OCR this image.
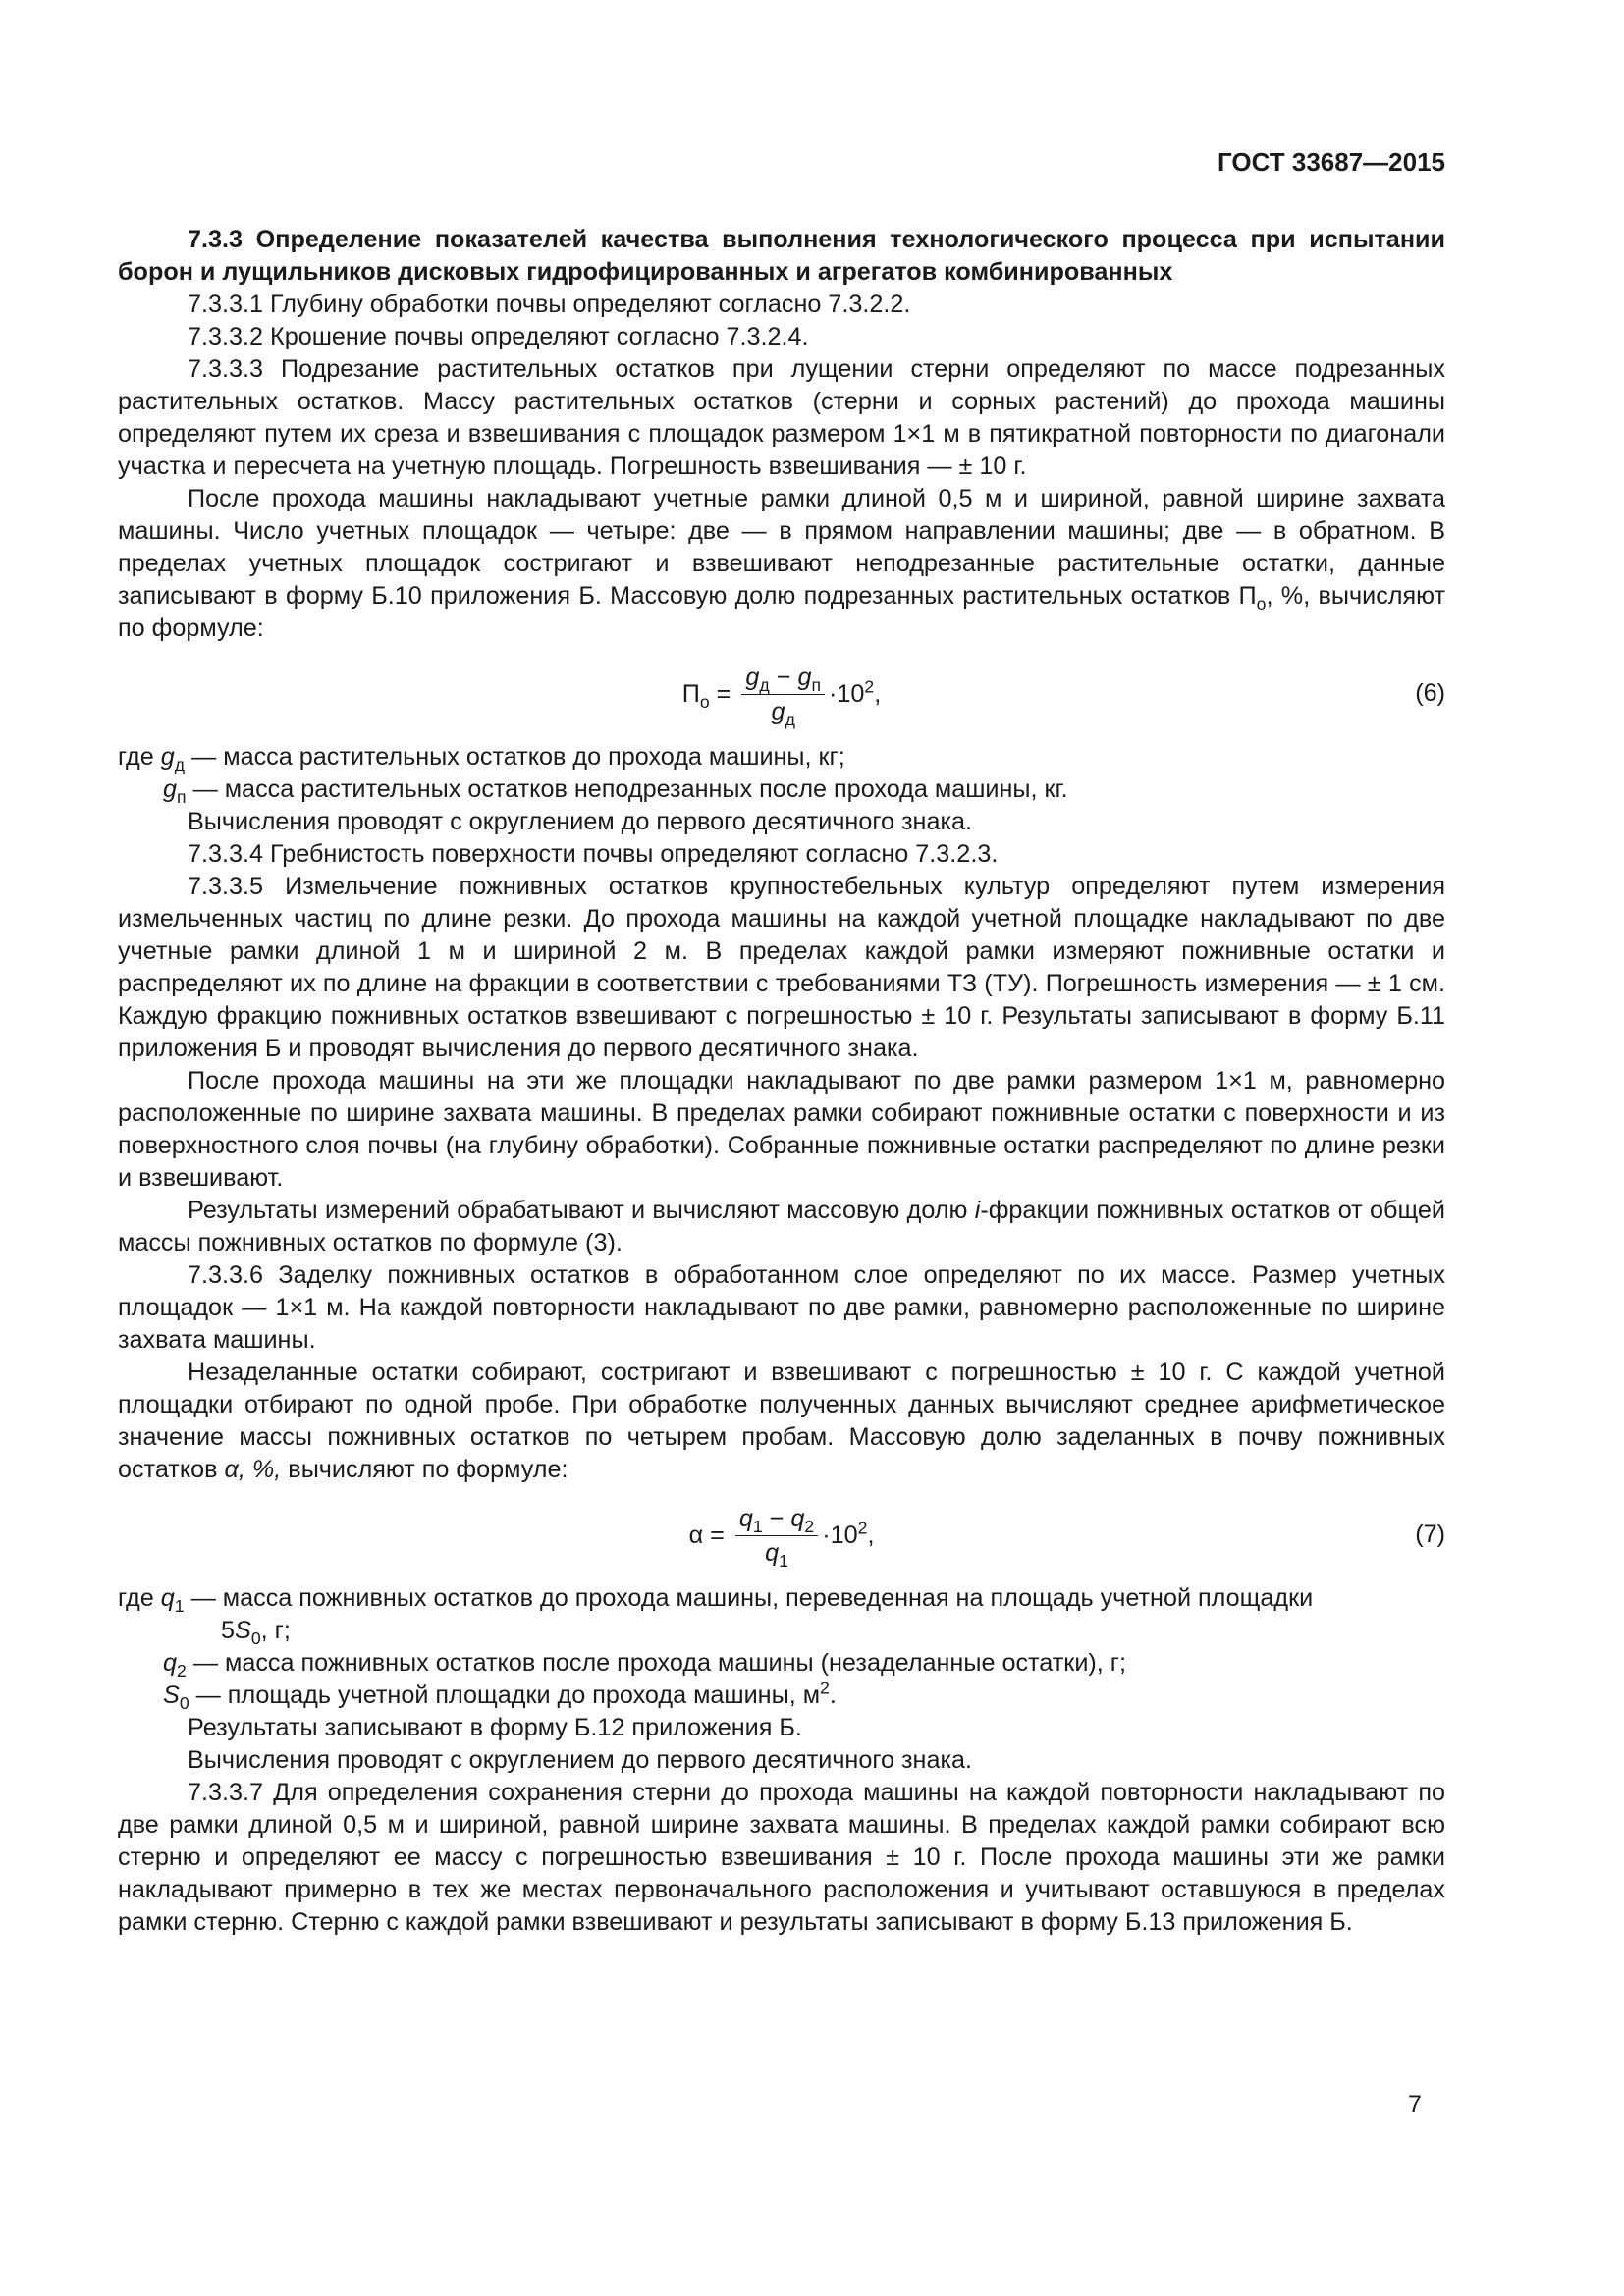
ГОСТ 33687—2015

7.3.3 Определение показателей качества выполнения технологического процесса при испытании борон и лущильников дисковых гидрофицированных и агрегатов комбинированных

7.3.3.1 Глубину обработки почвы определяют согласно 7.3.2.2.

7.3.3.2 Крошение почвы определяют согласно 7.3.2.4.

7.3.3.3 Подрезание растительных остатков при лущении стерни определяют по массе подрезанных растительных остатков. Массу растительных остатков (стерни и сорных растений) до прохода машины определяют путем их среза и взвешивания с площадок размером 1×1 м в пятикратной повторности по диагонали участка и пересчета на учетную площадь. Погрешность взвешивания — ± 10 г.

После прохода машины накладывают учетные рамки длиной 0,5 м и шириной, равной ширине захвата машины. Число учетных площадок — четыре: две — в прямом направлении машины; две — в обратном. В пределах учетных площадок состригают и взвешивают неподрезанные растительные остатки, данные записывают в форму Б.10 приложения Б. Массовую долю подрезанных растительных остатков $П_о$, %, вычисляют по формуле:

$П_о = \frac{g_д - g_п}{g_д} \cdot 10^2$,	(6)

где $g_д$ — масса растительных остатков до прохода машины, кг;

$g_п$ — масса растительных остатков неподрезанных после прохода машины, кг.

Вычисления проводят с округлением до первого десятичного знака.

7.3.3.4 Гребнистость поверхности почвы определяют согласно 7.3.2.3.

7.3.3.5 Измельчение пожнивных остатков крупностебельных культур определяют путем измерения измельченных частиц по длине резки. До прохода машины на каждой учетной площадке накладывают по две учетные рамки длиной 1 м и шириной 2 м. В пределах каждой рамки измеряют пожнивные остатки и распределяют их по длине на фракции в соответствии с требованиями ТЗ (ТУ). Погрешность измерения — ± 1 см. Каждую фракцию пожнивных остатков взвешивают с погрешностью ± 10 г. Результаты записывают в форму Б.11 приложения Б и проводят вычисления до первого десятичного знака.

После прохода машины на эти же площадки накладывают по две рамки размером 1×1 м, равномерно расположенные по ширине захвата машины. В пределах рамки собирают пожнивные остатки с поверхности и из поверхностного слоя почвы (на глубину обработки). Собранные пожнивные остатки распределяют по длине резки и взвешивают.

Результаты измерений обрабатывают и вычисляют массовую долю i-фракции пожнивных остатков от общей массы пожнивных остатков по формуле (3).

7.3.3.6 Заделку пожнивных остатков в обработанном слое определяют по их массе. Размер учетных площадок — 1×1 м. На каждой повторности накладывают по две рамки, равномерно расположенные по ширине захвата машины.

Незаделанные остатки собирают, состригают и взвешивают с погрешностью ± 10 г. С каждой учетной площадки отбирают по одной пробе. При обработке полученных данных вычисляют среднее арифметическое значение массы пожнивных остатков по четырем пробам. Массовую долю заделанных в почву пожнивных остатков α, %, вычисляют по формуле:

$\alpha = \frac{q_1 - q_2}{q_1} \cdot 10^2$,	(7)

где $q_1$ — масса пожнивных остатков до прохода машины, переведенная на площадь учетной площадки

$5S_0$, г;

$q_2$ — масса пожнивных остатков после прохода машины (незаделанные остатки), г;

$S_0$ — площадь учетной площадки до прохода машины, $м^2$.

Результаты записывают в форму Б.12 приложения Б.

Вычисления проводят с округлением до первого десятичного знака.

7.3.3.7 Для определения сохранения стерни до прохода машины на каждой повторности накладывают по две рамки длиной 0,5 м и шириной, равной ширине захвата машины. В пределах каждой рамки собирают всю стерню и определяют ее массу с погрешностью взвешивания ± 10 г. После прохода машины эти же рамки накладывают примерно в тех же местах первоначального расположения и учитывают оставшуюся в пределах рамки стерню. Стерню с каждой рамки взвешивают и результаты записывают в форму Б.13 приложения Б.

7
